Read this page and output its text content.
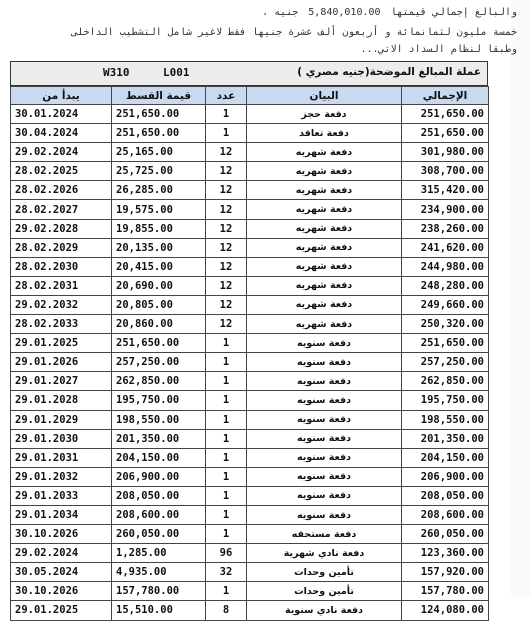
والبالغ إجمالي قيمتها 5,840,010.00 جنيه ،
خمسة مليون لثمانمائة و أربعون ألف عشرة جنيها فقط لاغير شامل التشطيب الداخلى
وطبقا لنظام السداد الاتي...
W310	L001	عملة المبالغ الموضحة(جنيه مصري )
يبدأ من	قيمة القسط	عدد	البيان	الإجمالي
30.01.2024	251,650.00	1	دفعة حجز	251,650.00
30.04.2024	251,650.00	1	دفعة تعاقد	251,650.00
29.02.2024	25,165.00	12	دفعة شهريه	301,980.00
28.02.2025	25,725.00	12	دفعة شهريه	308,700.00
28.02.2026	26,285.00	12	دفعة شهريه	315,420.00
28.02.2027	19,575.00	12	دفعة شهريه	234,900.00
29.02.2028	19,855.00	12	دفعة شهريه	238,260.00
28.02.2029	20,135.00	12	دفعة شهريه	241,620.00
28.02.2030	20,415.00	12	دفعة شهريه	244,980.00
28.02.2031	20,690.00	12	دفعة شهريه	248,280.00
29.02.2032	20,805.00	12	دفعة شهريه	249,660.00
28.02.2033	20,860.00	12	دفعة شهريه	250,320.00
29.01.2025	251,650.00	1	دفعة سنويه	251,650.00
29.01.2026	257,250.00	1	دفعة سنويه	257,250.00
29.01.2027	262,850.00	1	دفعة سنويه	262,850.00
29.01.2028	195,750.00	1	دفعة سنويه	195,750.00
29.01.2029	198,550.00	1	دفعة سنويه	198,550.00
29.01.2030	201,350.00	1	دفعة سنويه	201,350.00
29.01.2031	204,150.00	1	دفعة سنويه	204,150.00
29.01.2032	206,900.00	1	دفعة سنويه	206,900.00
29.01.2033	208,050.00	1	دفعة سنويه	208,050.00
29.01.2034	208,600.00	1	دفعة سنويه	208,600.00
30.10.2026	260,050.00	1	دفعة مستحقه	260,050.00
29.02.2024	1,285.00	96	دفعة نادي شهرية	123,360.00
30.05.2024	4,935.00	32	تأمين وحدات	157,920.00
30.10.2026	157,780.00	1	تأمين وحدات	157,780.00
29.01.2025	15,510.00	8	دفعة نادي سنوية	124,080.00
